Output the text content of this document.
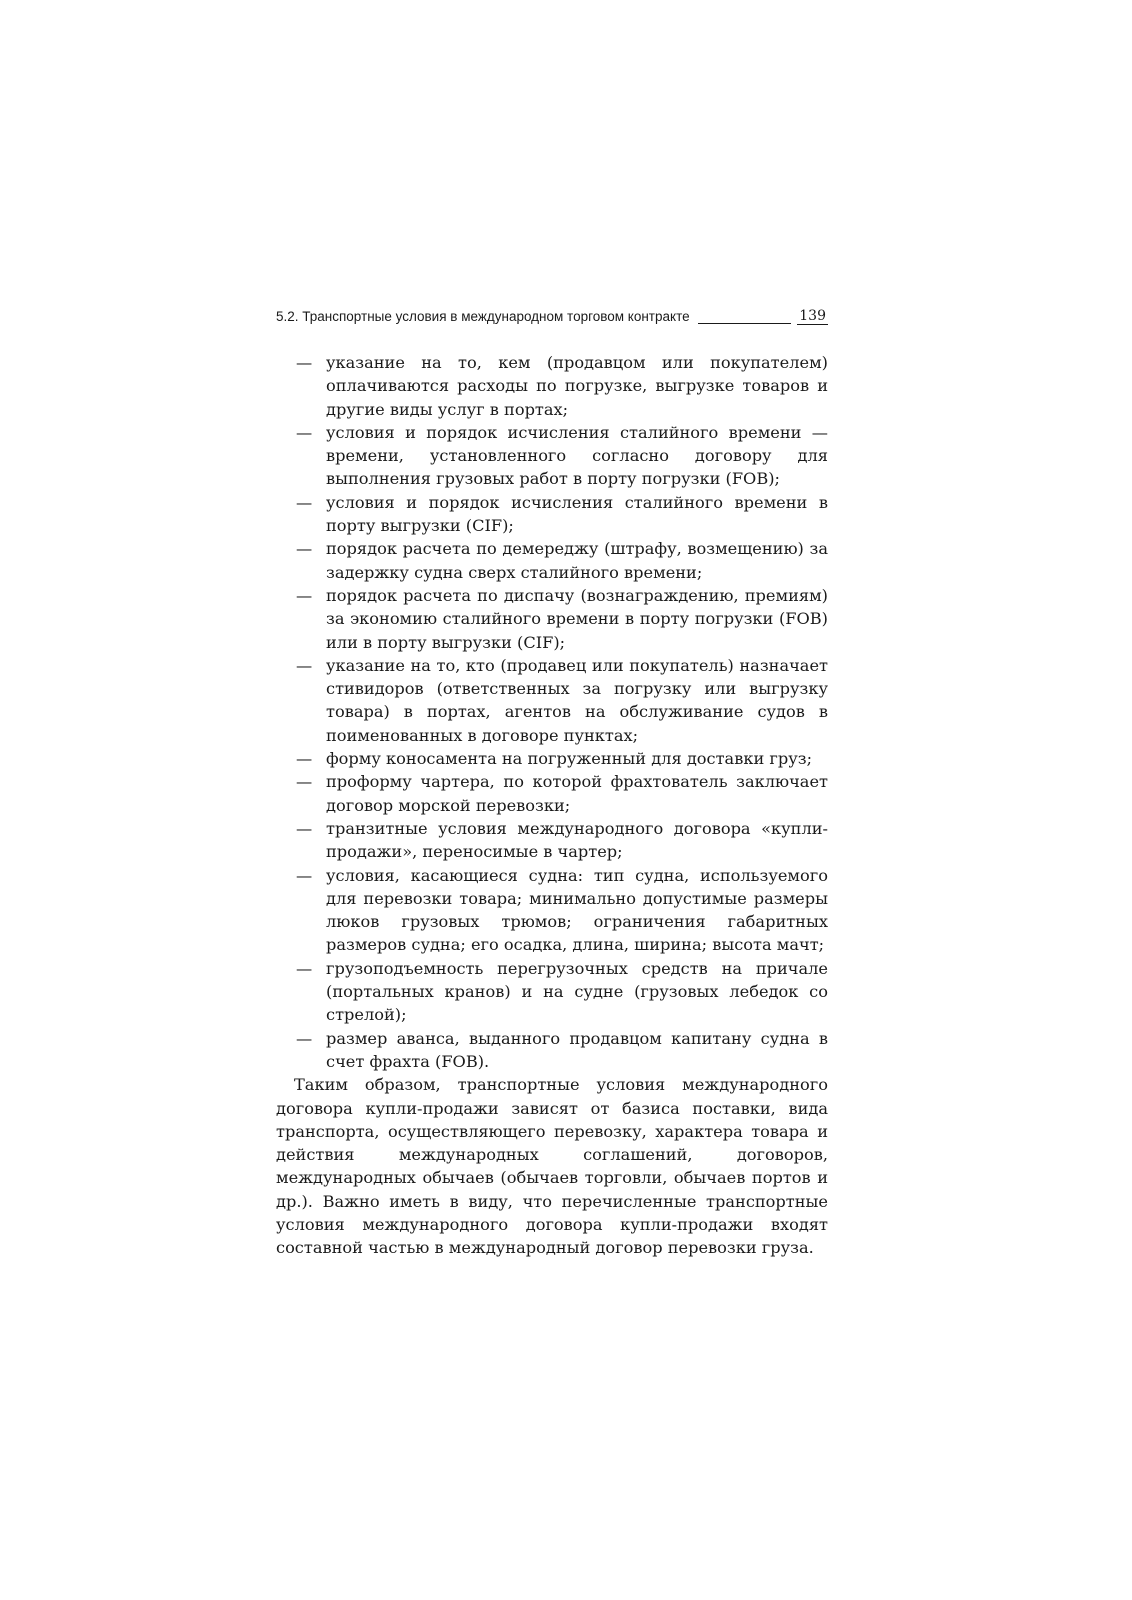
5.2. Транспортные условия в международном торговом контракте	139
— указание на то, кем (продавцом или покупателем) оплачиваются расходы по погрузке, выгрузке товаров и другие виды услуг в портах;
— условия и порядок исчисления сталийного времени — времени, установленного согласно договору для выполнения грузовых работ в порту погрузки (FOB);
— условия и порядок исчисления сталийного времени в порту выгрузки (CIF);
— порядок расчета по демереджу (штрафу, возмещению) за задержку судна сверх сталийного времени;
— порядок расчета по диспачу (вознаграждению, премиям) за экономию сталийного времени в порту погрузки (FOB) или в порту выгрузки (CIF);
— указание на то, кто (продавец или покупатель) назначает стивидоров (ответственных за погрузку или выгрузку товара) в портах, агентов на обслуживание судов в поименованных в договоре пунктах;
— форму коносамента на погруженный для доставки груз;
— проформу чартера, по которой фрахтователь заключает договор морской перевозки;
— транзитные условия международного договора «купли-продажи», переносимые в чартер;
— условия, касающиеся судна: тип судна, используемого для перевозки товара; минимально допустимые размеры люков грузовых трюмов; ограничения габаритных размеров судна; его осадка, длина, ширина; высота мачт;
— грузоподъемность перегрузочных средств на причале (портальных кранов) и на судне (грузовых лебедок со стрелой);
— размер аванса, выданного продавцом капитану судна в счет фрахта (FOB).

Таким образом, транспортные условия международного договора купли-продажи зависят от базиса поставки, вида транспорта, осуществляющего перевозку, характера товара и действия международных соглашений, договоров, международных обычаев (обычаев торговли, обычаев портов и др.). Важно иметь в виду, что перечисленные транспортные условия международного договора купли-продажи входят составной частью в международный договор перевозки груза.
